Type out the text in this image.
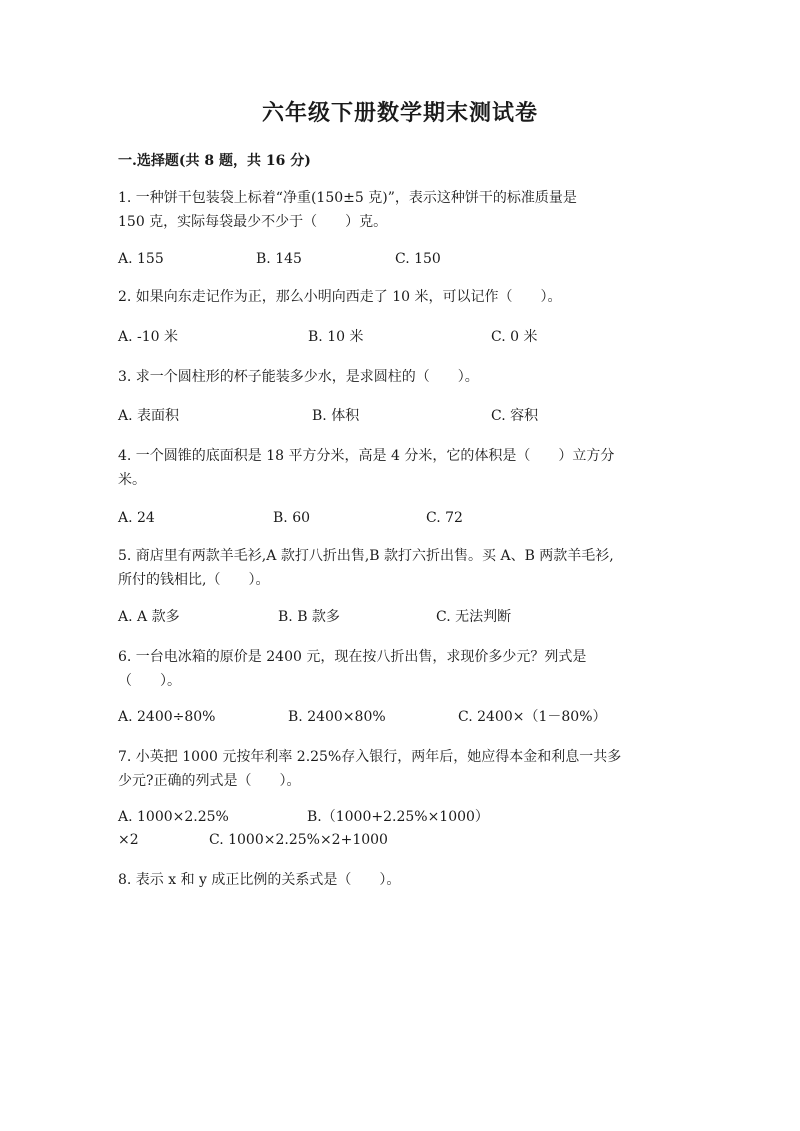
六年级下册数学期末测试卷
一.选择题(共 8 题，共 16 分)
1. 一种饼干包装袋上标着“净重(150±5 克)”，表示这种饼干的标准质量是
150 克，实际每袋最少不少于（　　）克。
A. 155	B. 145	C. 150
2. 如果向东走记作为正，那么小明向西走了 10 米，可以记作（　　）。
A. -10 米	B. 10 米	C. 0 米
3. 求一个圆柱形的杯子能装多少水，是求圆柱的（　　）。
A. 表面积	B. 体积	C. 容积
4. 一个圆锥的底面积是 18 平方分米，高是 4 分米，它的体积是（　　）立方分
米。
A. 24	B. 60	C. 72
5. 商店里有两款羊毛衫,A 款打八折出售,B 款打六折出售。买 A、B 两款羊毛衫,
所付的钱相比,（　　）。
A. A 款多	B. B 款多	C. 无法判断
6. 一台电冰箱的原价是 2400 元，现在按八折出售，求现价多少元？列式是
（　　）。
A. 2400÷80%	B. 2400×80%	C. 2400×（1－80%）
7. 小英把 1000 元按年利率 2.25%存入银行，两年后，她应得本金和利息一共多
少元?正确的列式是（　　）。
A. 1000×2.25%	B.（1000+2.25%×1000）
×2	C. 1000×2.25%×2+1000
8. 表示 x 和 y 成正比例的关系式是（　　）。
